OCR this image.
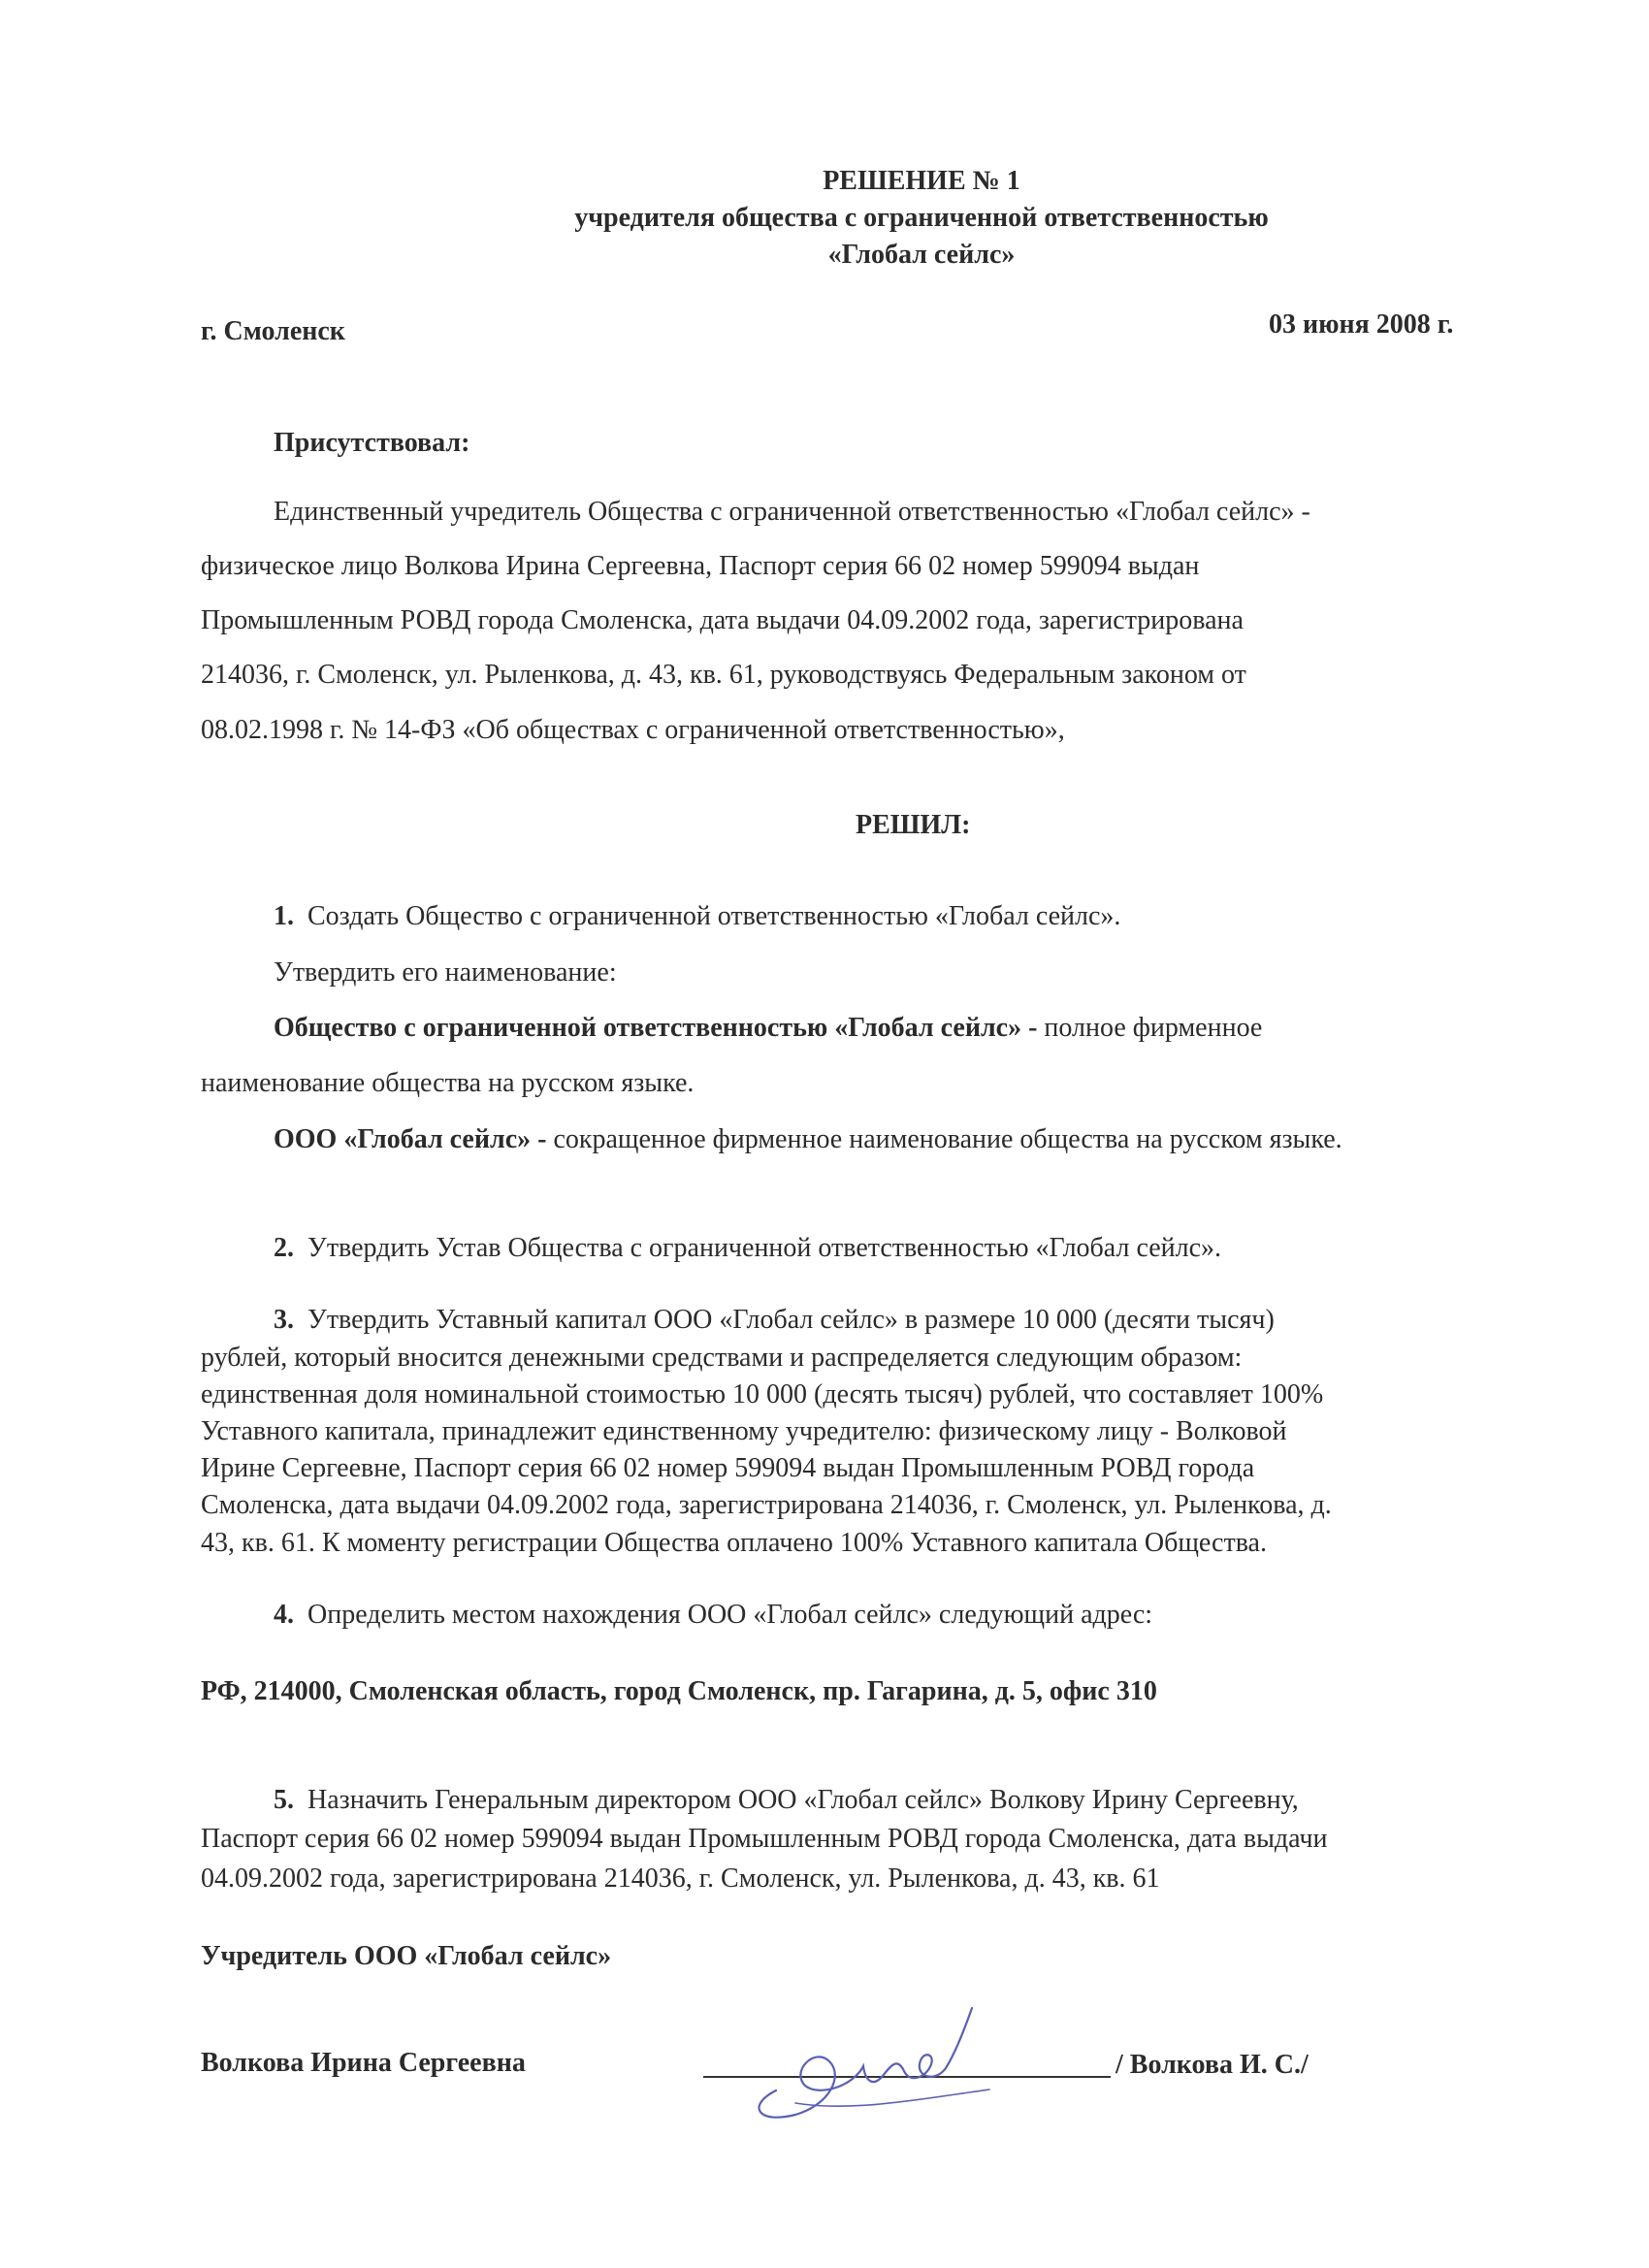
РЕШЕНИЕ № 1
учредителя общества с ограниченной ответственностью
«Глобал сейлс»
г. Смоленск	03 июня 2008 г.
Присутствовал:
Единственный учредитель Общества с ограниченной ответственностью «Глобал сейлс» -
физическое лицо Волкова Ирина Сергеевна, Паспорт серия 66 02 номер 599094 выдан
Промышленным РОВД города Смоленска, дата выдачи 04.09.2002 года, зарегистрирована
214036, г. Смоленск, ул. Рыленкова, д. 43, кв. 61, руководствуясь Федеральным законом от
08.02.1998 г. № 14-ФЗ «Об обществах с ограниченной ответственностью»,
РЕШИЛ:
1. Создать Общество с ограниченной ответственностью «Глобал сейлс».
Утвердить его наименование:
Общество с ограниченной ответственностью «Глобал сейлс» - полное фирменное
наименование общества на русском языке.
ООО «Глобал сейлс» - сокращенное фирменное наименование общества на русском языке.
2. Утвердить Устав Общества с ограниченной ответственностью «Глобал сейлс».
3. Утвердить Уставный капитал ООО «Глобал сейлс» в размере 10 000 (десяти тысяч)
рублей, который вносится денежными средствами и распределяется следующим образом:
единственная доля номинальной стоимостью 10 000 (десять тысяч) рублей, что составляет 100%
Уставного капитала, принадлежит единственному учредителю: физическому лицу - Волковой
Ирине Сергеевне, Паспорт серия 66 02 номер 599094 выдан Промышленным РОВД города
Смоленска, дата выдачи 04.09.2002 года, зарегистрирована 214036, г. Смоленск, ул. Рыленкова, д.
43, кв. 61. К моменту регистрации Общества оплачено 100% Уставного капитала Общества.
4. Определить местом нахождения ООО «Глобал сейлс» следующий адрес:
РФ, 214000, Смоленская область, город Смоленск, пр. Гагарина, д. 5, офис 310
5. Назначить Генеральным директором ООО «Глобал сейлс» Волкову Ирину Сергеевну,
Паспорт серия 66 02 номер 599094 выдан Промышленным РОВД города Смоленска, дата выдачи
04.09.2002 года, зарегистрирована 214036, г. Смоленск, ул. Рыленкова, д. 43, кв. 61
Учредитель ООО «Глобал сейлс»
Волкова Ирина Сергеевна	/ Волкова И. С./
